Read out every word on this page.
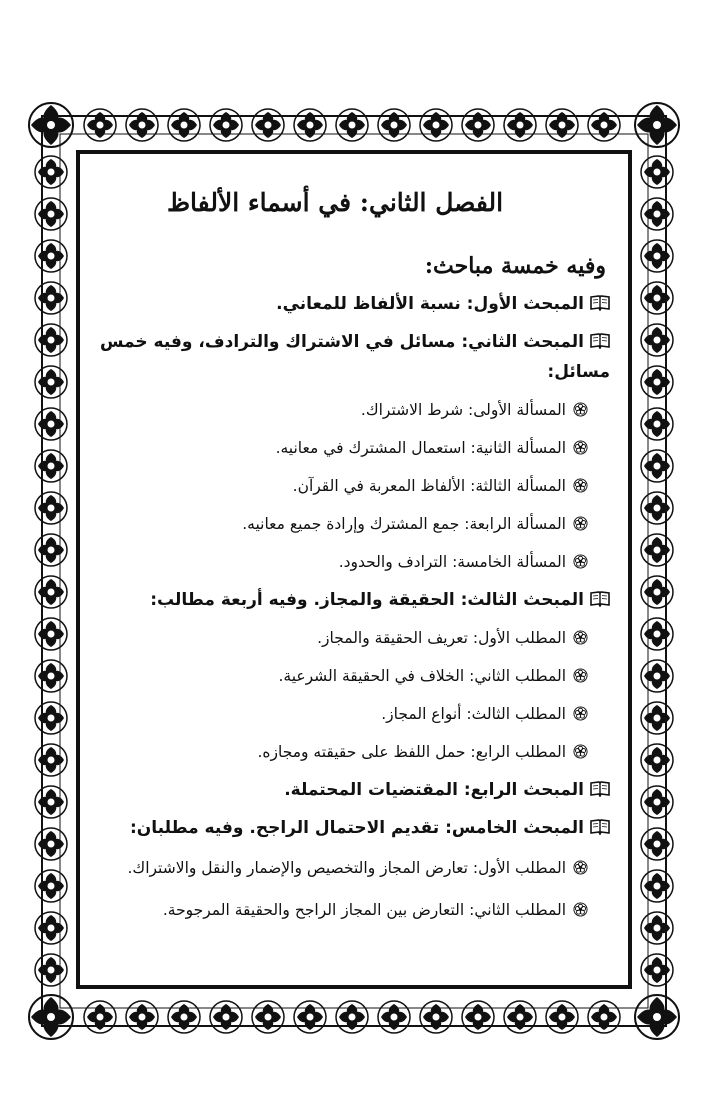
الفصل الثاني: في أسماء الألفاظ
وفيه خمسة مباحث:
المبحث الأول: نسبة الألفاظ للمعاني.
المبحث الثاني: مسائل في الاشتراك والترادف، وفيه خمس مسائل:
المسألة الأولى: شرط الاشتراك.
المسألة الثانية: استعمال المشترك في معانيه.
المسألة الثالثة: الألفاظ المعربة في القرآن.
المسألة الرابعة: جمع المشترك وإرادة جميع معانيه.
المسألة الخامسة: الترادف والحدود.
المبحث الثالث: الحقيقة والمجاز. وفيه أربعة مطالب:
المطلب الأول: تعريف الحقيقة والمجاز.
المطلب الثاني: الخلاف في الحقيقة الشرعية.
المطلب الثالث: أنواع المجاز.
المطلب الرابع: حمل اللفظ على حقيقته ومجازه.
المبحث الرابع: المقتضيات المحتملة.
المبحث الخامس: تقديم الاحتمال الراجح. وفيه مطلبان:
المطلب الأول: تعارض المجاز والتخصيص والإضمار والنقل والاشتراك.
المطلب الثاني: التعارض بين المجاز الراجح والحقيقة المرجوحة.
